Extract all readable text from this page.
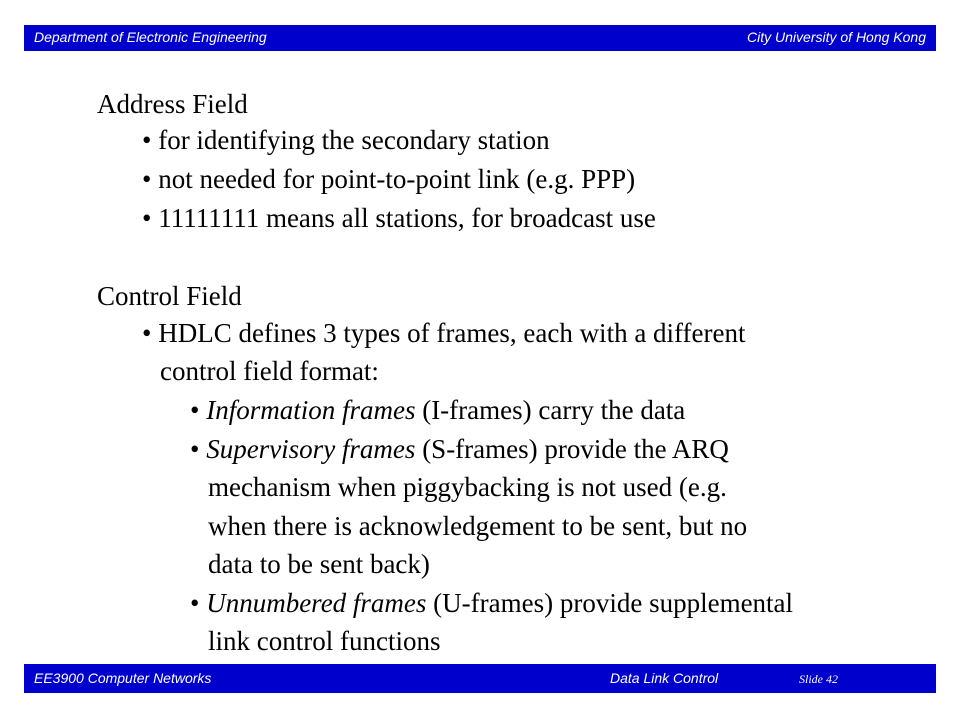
Department of Electronic Engineering	City University of Hong Kong
Address Field
• for identifying the secondary station
• not needed for point-to-point link (e.g. PPP)
• 11111111 means all stations, for broadcast use
Control Field
• HDLC defines 3 types of frames, each with a different
control field format:
• Information frames (I-frames) carry the data
• Supervisory frames (S-frames) provide the ARQ
mechanism when piggybacking is not used (e.g.
when there is acknowledgement to be sent, but no
data to be sent back)
• Unnumbered frames (U-frames) provide supplemental
link control functions
EE3900 Computer Networks	Data Link Control	Slide 42
